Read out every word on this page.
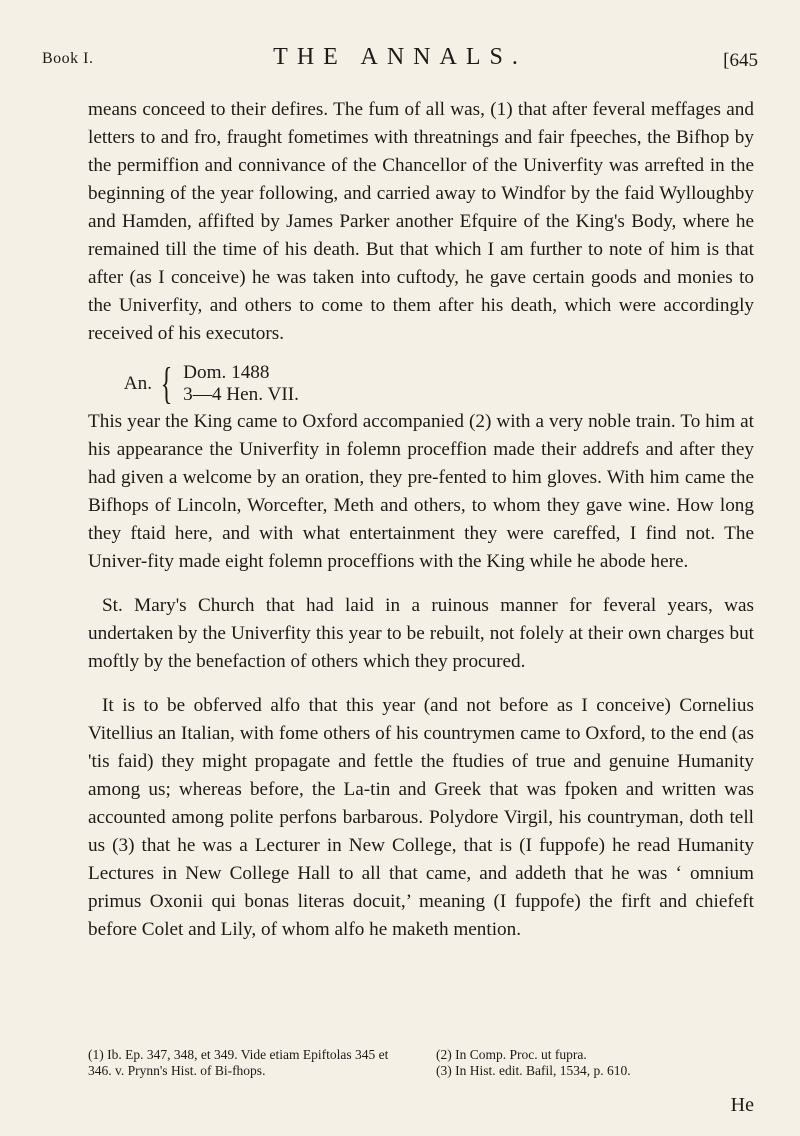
Book I.	THE ANNALS.	[645

means conceed to their defires. The fum of all was, (1) that after feveral meffages and letters to and fro, fraught fometimes with threatnings and fair fpeeches, the Bifhop by the permiffion and connivance of the Chancellor of the Univerfity was arrefted in the beginning of the year following, and carried away to Windfor by the faid Wylloughby and Hamden, affifted by James Parker another Efquire of the King's Body, where he remained till the time of his death. But that which I am further to note of him is that after (as I conceive) he was taken into cuftody, he gave certain goods and monies to the Univerfity, and others to come to them after his death, which were accordingly received of his executors.

An. { Dom. 1488
3—4 Hen. VII.

This year the King came to Oxford accompanied (2) with a very noble train. To him at his appearance the Univerfity in folemn proceffion made their addrefs and after they had given a welcome by an oration, they pre-fented to him gloves. With him came the Bifhops of Lincoln, Worcefter, Meth and others, to whom they gave wine. How long they ftaid here, and with what entertainment they were careffed, I find not. The Univer-fity made eight folemn proceffions with the King while he abode here.

St. Mary's Church that had laid in a ruinous manner for feveral years, was undertaken by the Univerfity this year to be rebuilt, not folely at their own charges but moftly by the benefaction of others which they procured.

It is to be obferved alfo that this year (and not before as I conceive) Cornelius Vitellius an Italian, with fome others of his countrymen came to Oxford, to the end (as 'tis faid) they might propagate and fettle the ftudies of true and genuine Humanity among us; whereas before, the La-tin and Greek that was fpoken and written was accounted among polite perfons barbarous. Polydore Virgil, his countryman, doth tell us (3) that he was a Lecturer in New College, that is (I fuppofe) he read Humanity Lectures in New College Hall to all that came, and addeth that he was ‘ omnium primus Oxonii qui bonas literas docuit,’ meaning (I fuppofe) the firft and chiefeft before Colet and Lily, of whom alfo he maketh mention.

(1) Ib. Ep. 347, 348, et 349. Vide etiam Epiftolas 345 et 346. v. Prynn's Hist. of Bi-fhops.
(2) In Comp. Proc. ut fupra.
(3) In Hist. edit. Bafil, 1534, p. 610.
He
